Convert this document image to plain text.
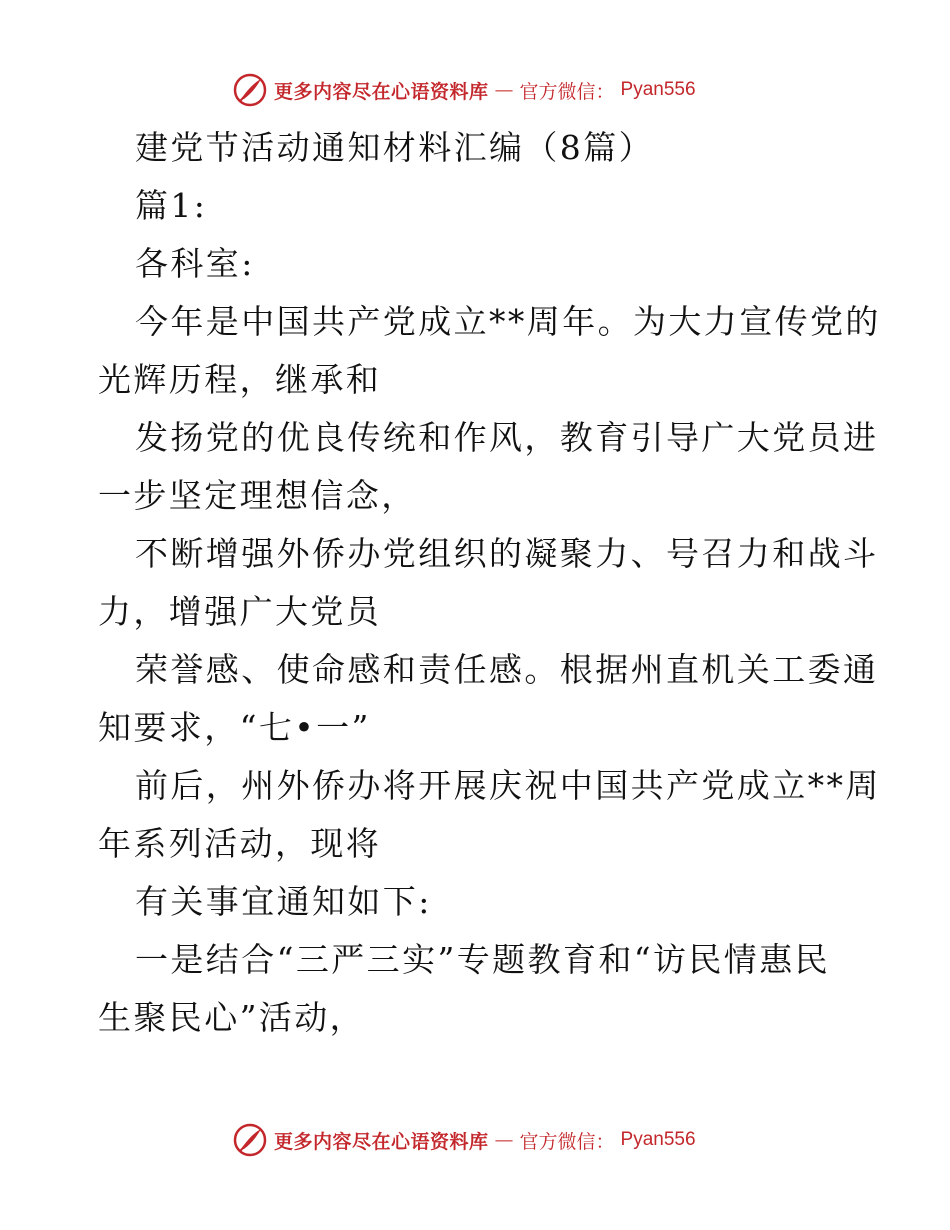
更多内容尽在心语资料库 — 官方微信： Pyan556
建党节活动通知材料汇编（8篇）
篇1:
各科室:
今年是中国共产党成立**周年。为大力宣传党的
光辉历程，继承和
发扬党的优良传统和作风，教育引导广大党员进
一步坚定理想信念，
不断增强外侨办党组织的凝聚力、号召力和战斗
力，增强广大党员
荣誉感、使命感和责任感。根据州直机关工委通
知要求，“七•一”
前后，州外侨办将开展庆祝中国共产党成立**周
年系列活动，现将
有关事宜通知如下:
一是结合“三严三实”专题教育和“访民情惠民
生聚民心”活动，
更多内容尽在心语资料库 — 官方微信： Pyan556
